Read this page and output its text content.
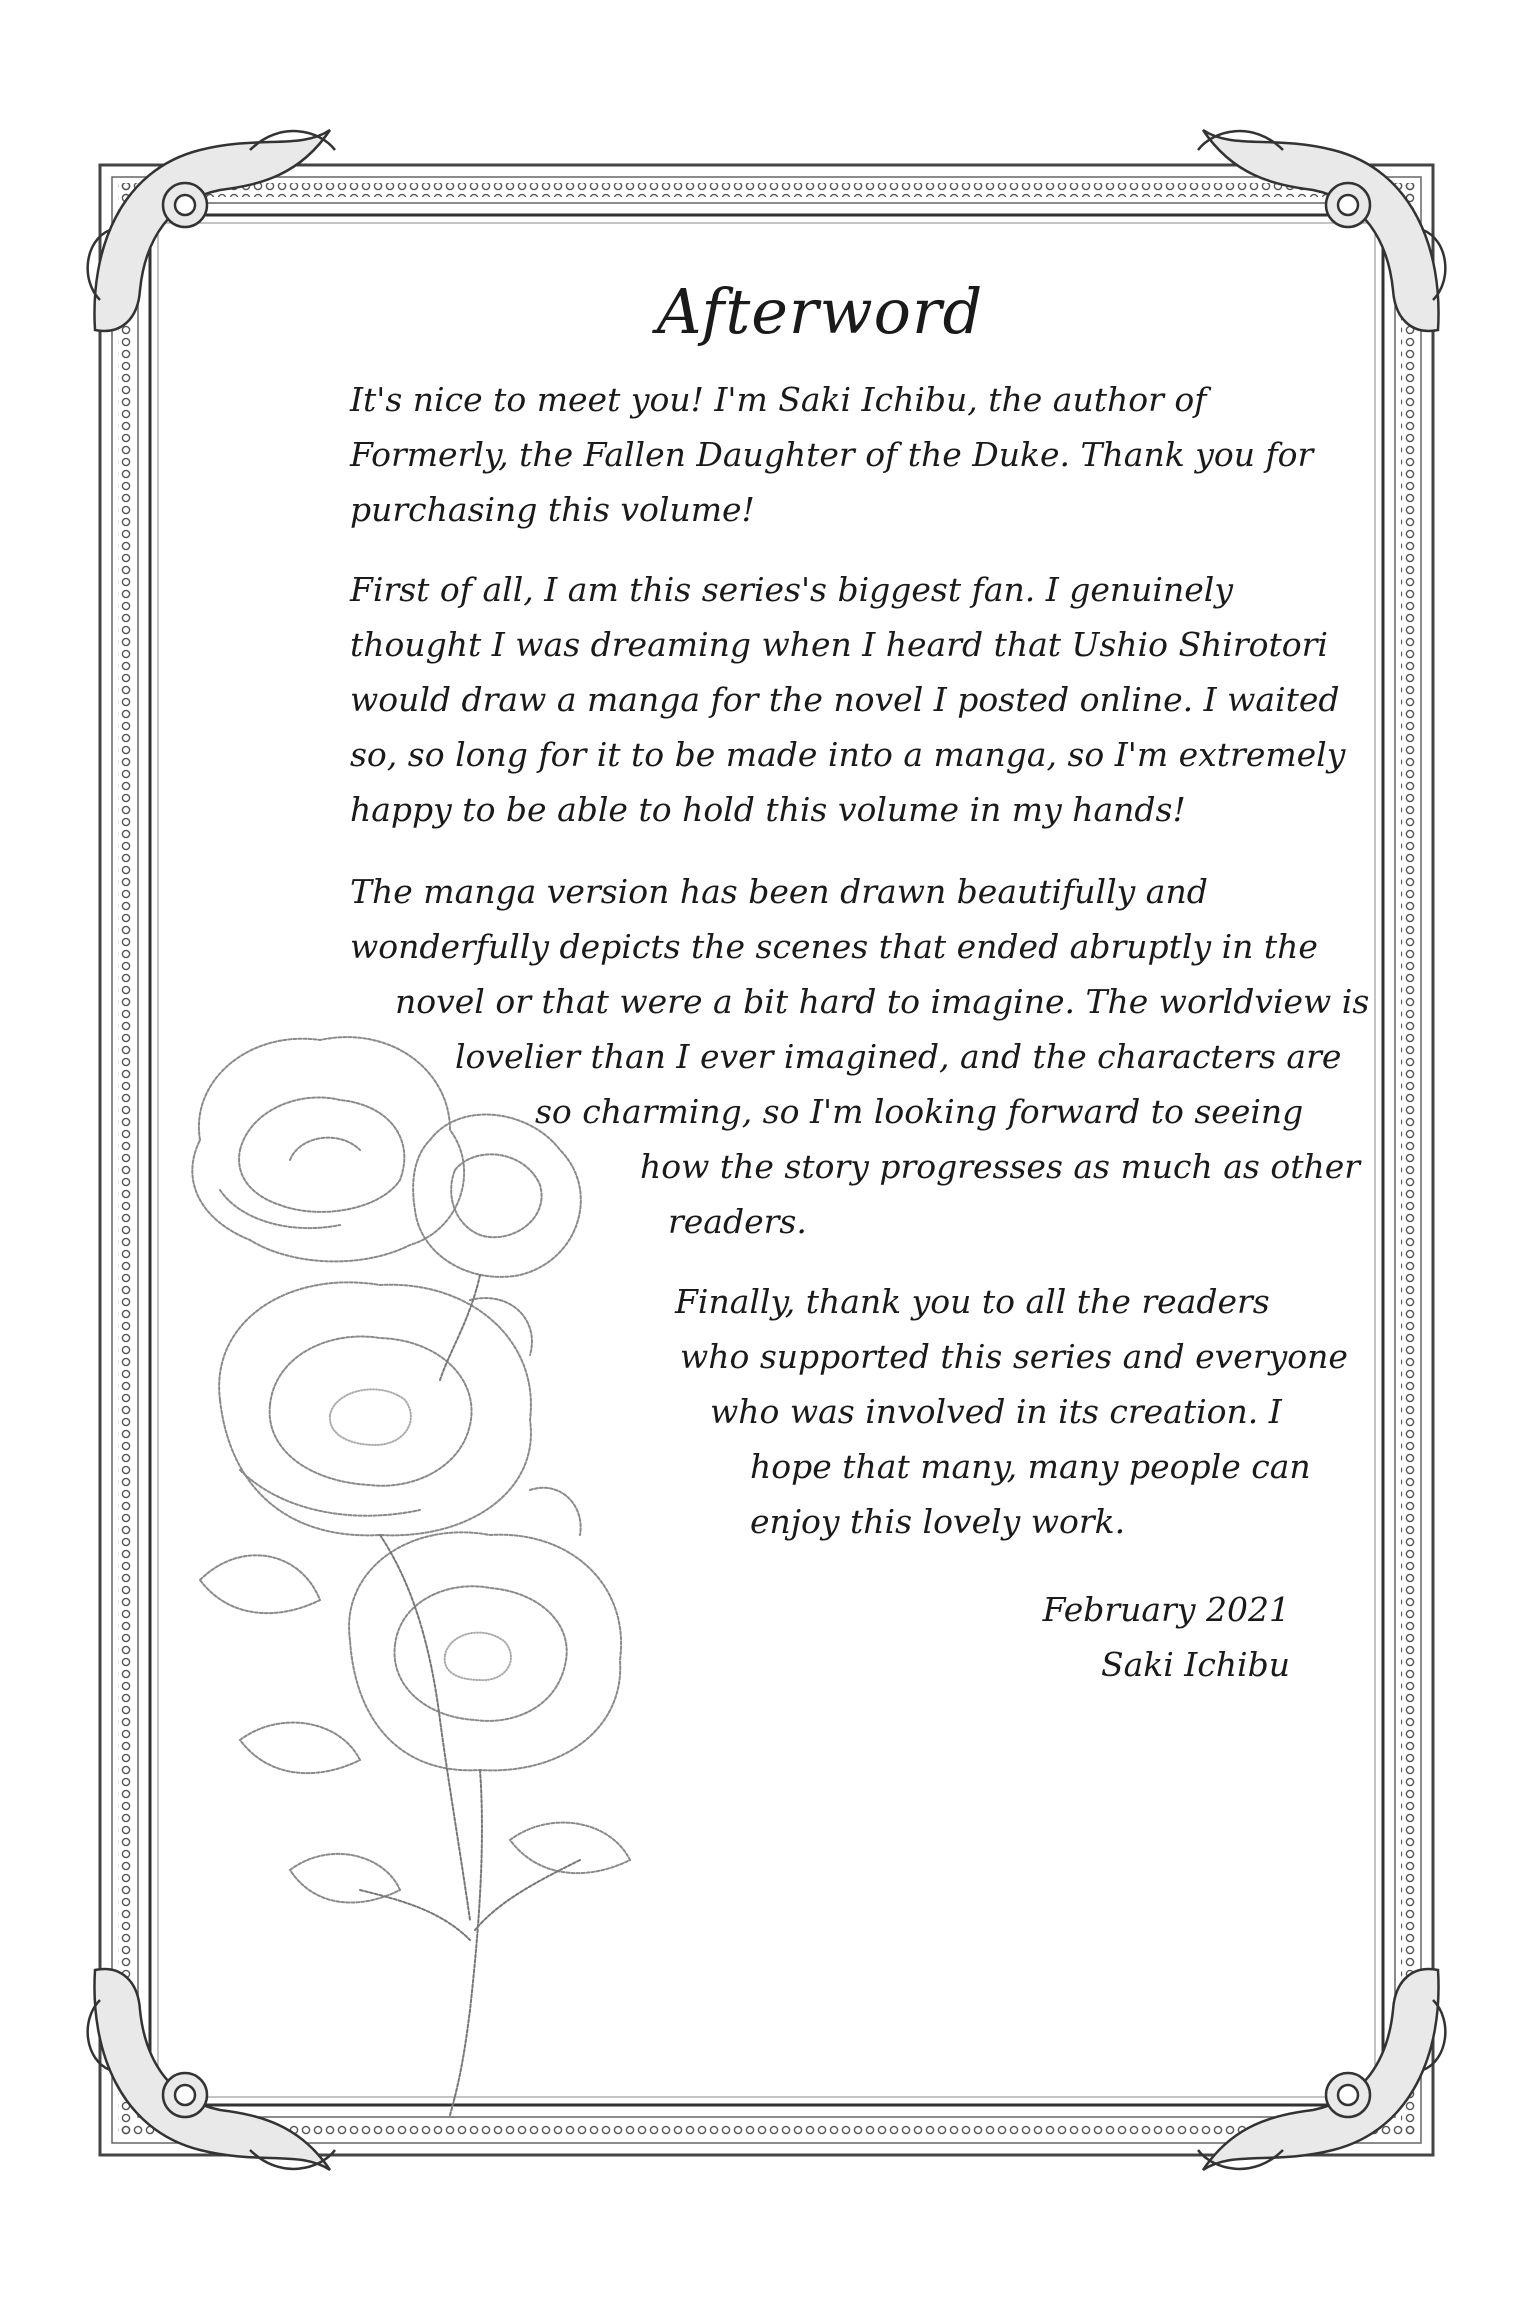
Afterword
It's nice to meet you! I'm Saki Ichibu, the author of
Formerly, the Fallen Daughter of the Duke. Thank you for
purchasing this volume!
First of all, I am this series's biggest fan. I genuinely
thought I was dreaming when I heard that Ushio Shirotori
would draw a manga for the novel I posted online. I waited
so, so long for it to be made into a manga, so I'm extremely
happy to be able to hold this volume in my hands!
The manga version has been drawn beautifully and
wonderfully depicts the scenes that ended abruptly in the
novel or that were a bit hard to imagine. The worldview is
lovelier than I ever imagined, and the characters are
so charming, so I'm looking forward to seeing
how the story progresses as much as other
readers.
Finally, thank you to all the readers
who supported this series and everyone
who was involved in its creation. I
hope that many, many people can
enjoy this lovely work.
February 2021
Saki Ichibu
